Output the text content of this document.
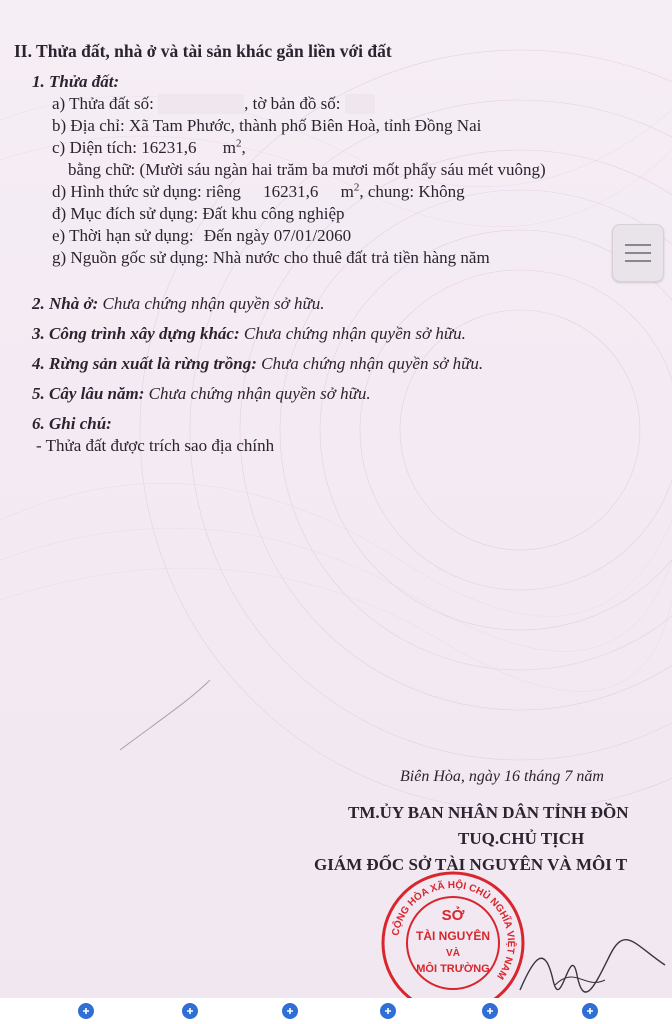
II. Thửa đất, nhà ở và tài sản khác gắn liền với đất
1. Thửa đất:
a) Thửa đất số:	, tờ bản đồ số:
b) Địa chỉ: Xã Tam Phước, thành phố Biên Hoà, tỉnh Đồng Nai
c) Diện tích: 16231,6 $m^2$,
bằng chữ: (Mười sáu ngàn hai trăm ba mươi mốt phẩy sáu mét vuông)
d) Hình thức sử dụng: riêng 16231,6 $m^2$, chung: Không
đ) Mục đích sử dụng: Đất khu công nghiệp
e) Thời hạn sử dụng: Đến ngày 07/01/2060
g) Nguồn gốc sử dụng: Nhà nước cho thuê đất trả tiền hàng năm
2. Nhà ở: Chưa chứng nhận quyền sở hữu.
3. Công trình xây dựng khác: Chưa chứng nhận quyền sở hữu.
4. Rừng sản xuất là rừng trồng: Chưa chứng nhận quyền sở hữu.
5. Cây lâu năm: Chưa chứng nhận quyền sở hữu.
6. Ghi chú:
- Thửa đất được trích sao địa chính
Biên Hòa, ngày 16 tháng 7 năm
TM.ỦY BAN NHÂN DÂN TỈNH ĐỒN
TUQ.CHỦ TỊCH
GIÁM ĐỐC SỞ TÀI NGUYÊN VÀ MÔI T
CỘNG HÒA XÃ HỘI CHỦ NGHĨA VIỆT NAM
SỞ
TÀI NGUYÊN
VÀ
MÔI TRƯỜNG
